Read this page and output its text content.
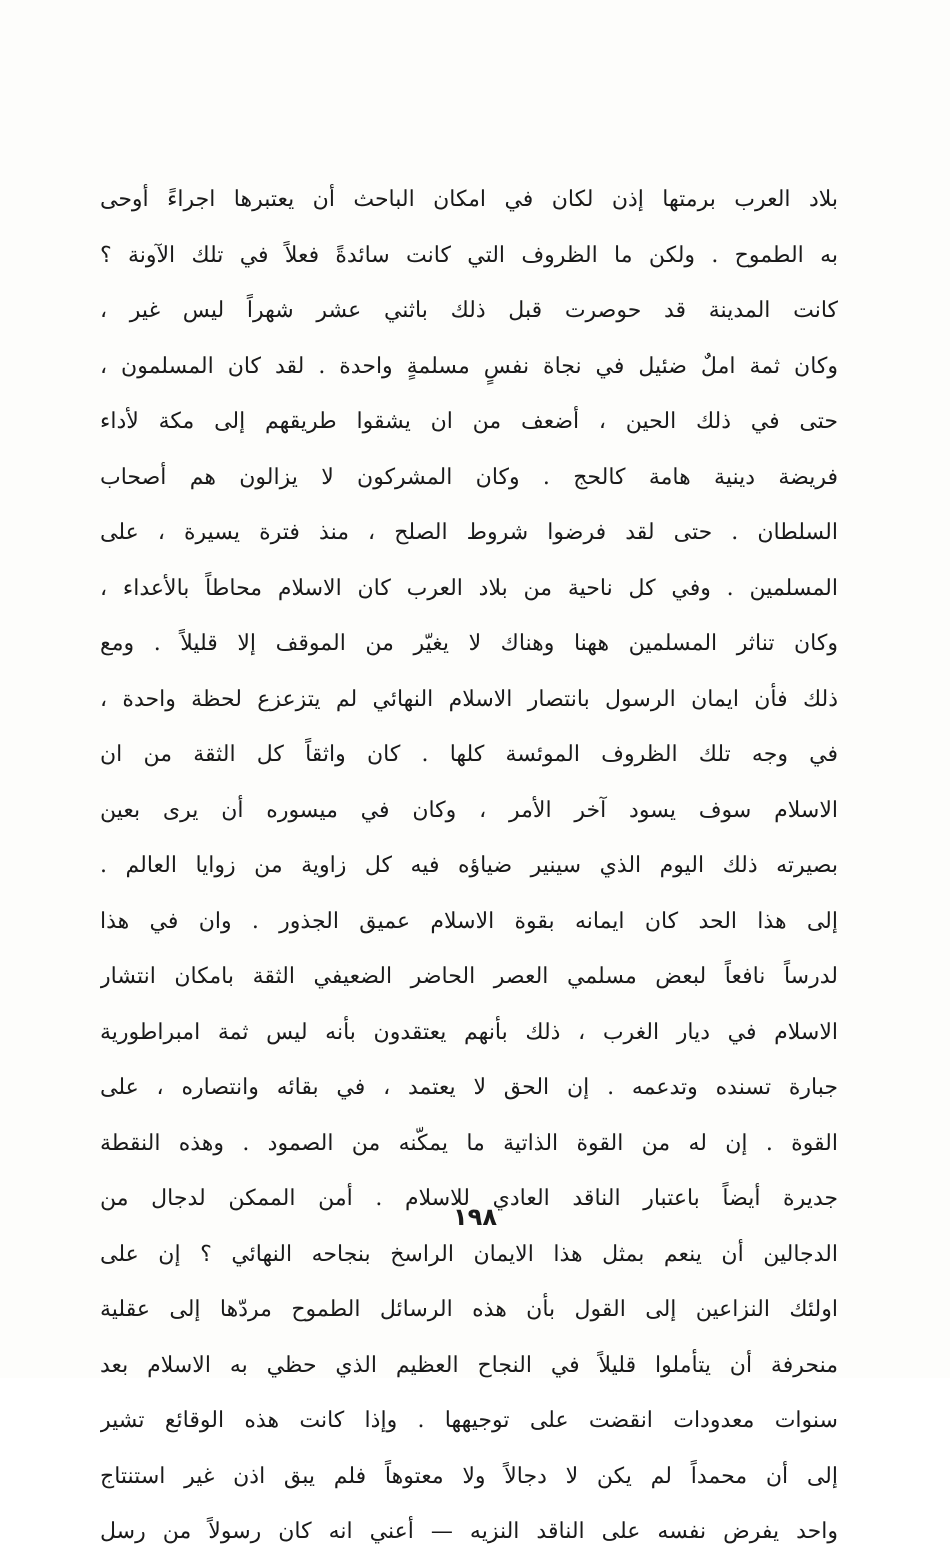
بلاد العرب برمتها إذن لكان في امكان الباحث أن يعتبرها اجراءً أوحى
به الطموح . ولكن ما الظروف التي كانت سائدةً فعلاً في تلك الآونة ؟
كانت المدينة قد حوصرت قبل ذلك باثني عشر شهراً ليس غير ،
وكان ثمة املٌ ضئيل في نجاة نفسٍ مسلمةٍ واحدة . لقد كان المسلمون ،
حتى في ذلك الحين ، أضعف من ان يشقوا طريقهم إلى مكة لأداء
فريضة دينية هامة كالحج . وكان المشركون لا يزالون هم أصحاب
السلطان . حتى لقد فرضوا شروط الصلح ، منذ فترة يسيرة ، على
المسلمين . وفي كل ناحية من بلاد العرب كان الاسلام محاطاً بالأعداء ،
وكان تناثر المسلمين ههنا وهناك لا يغيّر من الموقف إلا قليلاً . ومع
ذلك فأن ايمان الرسول بانتصار الاسلام النهائي لم يتزعزع لحظة واحدة ،
في وجه تلك الظروف الموئسة كلها . كان واثقاً كل الثقة من ان
الاسلام سوف يسود آخر الأمر ، وكان في ميسوره أن يرى بعين
بصيرته ذلك اليوم الذي سينير ضياؤه فيه كل زاوية من زوايا العالم .
إلى هذا الحد كان ايمانه بقوة الاسلام عميق الجذور . وان في هذا
لدرساً نافعاً لبعض مسلمي العصر الحاضر الضعيفي الثقة بامكان انتشار
الاسلام في ديار الغرب ، ذلك بأنهم يعتقدون بأنه ليس ثمة امبراطورية
جبارة تسنده وتدعمه . إن الحق لا يعتمد ، في بقائه وانتصاره ، على
القوة . إن له من القوة الذاتية ما يمكّنه من الصمود . وهذه النقطة
جديرة أيضاً باعتبار الناقد العادي للاسلام . أمن الممكن لدجال من
الدجالين أن ينعم بمثل هذا الايمان الراسخ بنجاحه النهائي ؟ إن على
اولئك النزاعين إلى القول بأن هذه الرسائل الطموح مردّها إلى عقلية
منحرفة أن يتأملوا قليلاً في النجاح العظيم الذي حظي به الاسلام بعد
سنوات معدودات انقضت على توجيهها . وإذا كانت هذه الوقائع تشير
إلى أن محمداً لم يكن لا دجالاً ولا معتوهاً فلم يبق اذن غير استنتاج
واحد يفرض نفسه على الناقد النزيه — أعني انه كان رسولاً من رسل
١٩٨
